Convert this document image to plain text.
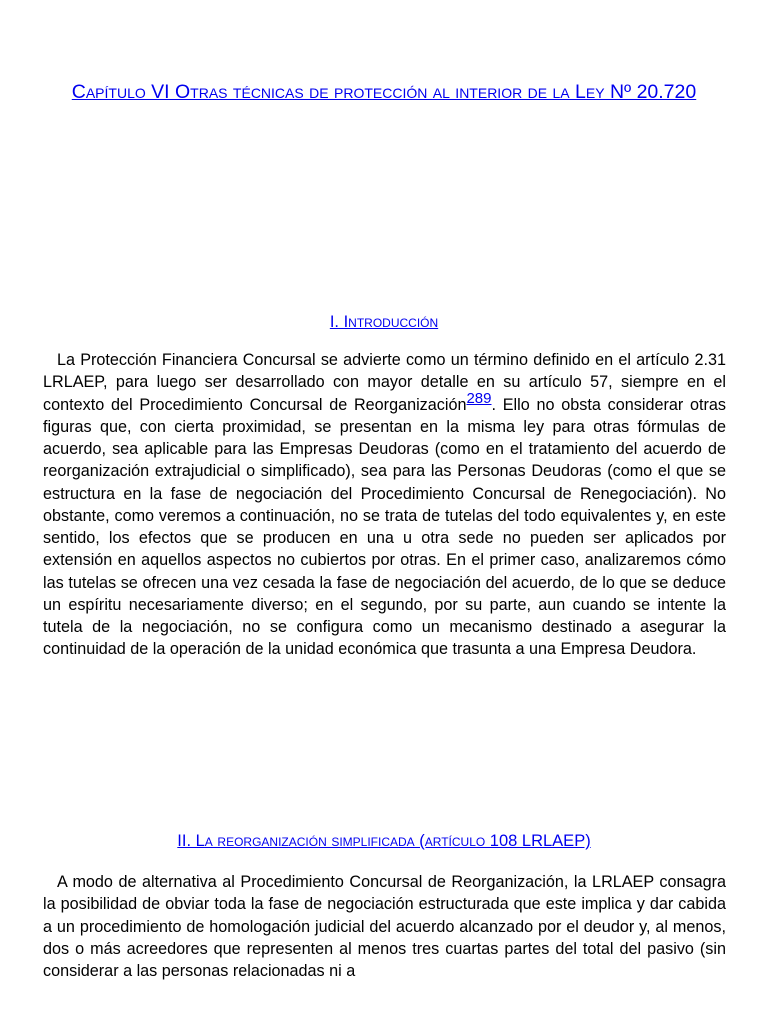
Capítulo VI Otras técnicas de protección al interior de la Ley Nº 20.720
I. Introducción

La Protección Financiera Concursal se advierte como un término definido en el artículo 2.31 LRLAEP, para luego ser desarrollado con mayor detalle en su artículo 57, siempre en el contexto del Procedimiento Concursal de Reorganización$^{289}$. Ello no obsta considerar otras figuras que, con cierta proximidad, se presentan en la misma ley para otras fórmulas de acuerdo, sea aplicable para las Empresas Deudoras (como en el tratamiento del acuerdo de reorganización extrajudicial o simplificado), sea para las Personas Deudoras (como el que se estructura en la fase de negociación del Procedimiento Concursal de Renegociación). No obstante, como veremos a continuación, no se trata de tutelas del todo equivalentes y, en este sentido, los efectos que se producen en una u otra sede no pueden ser aplicados por extensión en aquellos aspectos no cubiertos por otras. En el primer caso, analizaremos cómo las tutelas se ofrecen una vez cesada la fase de negociación del acuerdo, de lo que se deduce un espíritu necesariamente diverso; en el segundo, por su parte, aun cuando se intente la tutela de la negociación, no se configura como un mecanismo destinado a asegurar la continuidad de la operación de la unidad económica que trasunta a una Empresa Deudora.

II. La reorganización simplificada (artículo 108 LRLAEP)

A modo de alternativa al Procedimiento Concursal de Reorganización, la LRLAEP consagra la posibilidad de obviar toda la fase de negociación estructurada que este implica y dar cabida a un procedimiento de homologación judicial del acuerdo alcanzado por el deudor y, al menos, dos o más acreedores que representen al menos tres cuartas partes del total del pasivo (sin considerar a las personas relacionadas ni a
